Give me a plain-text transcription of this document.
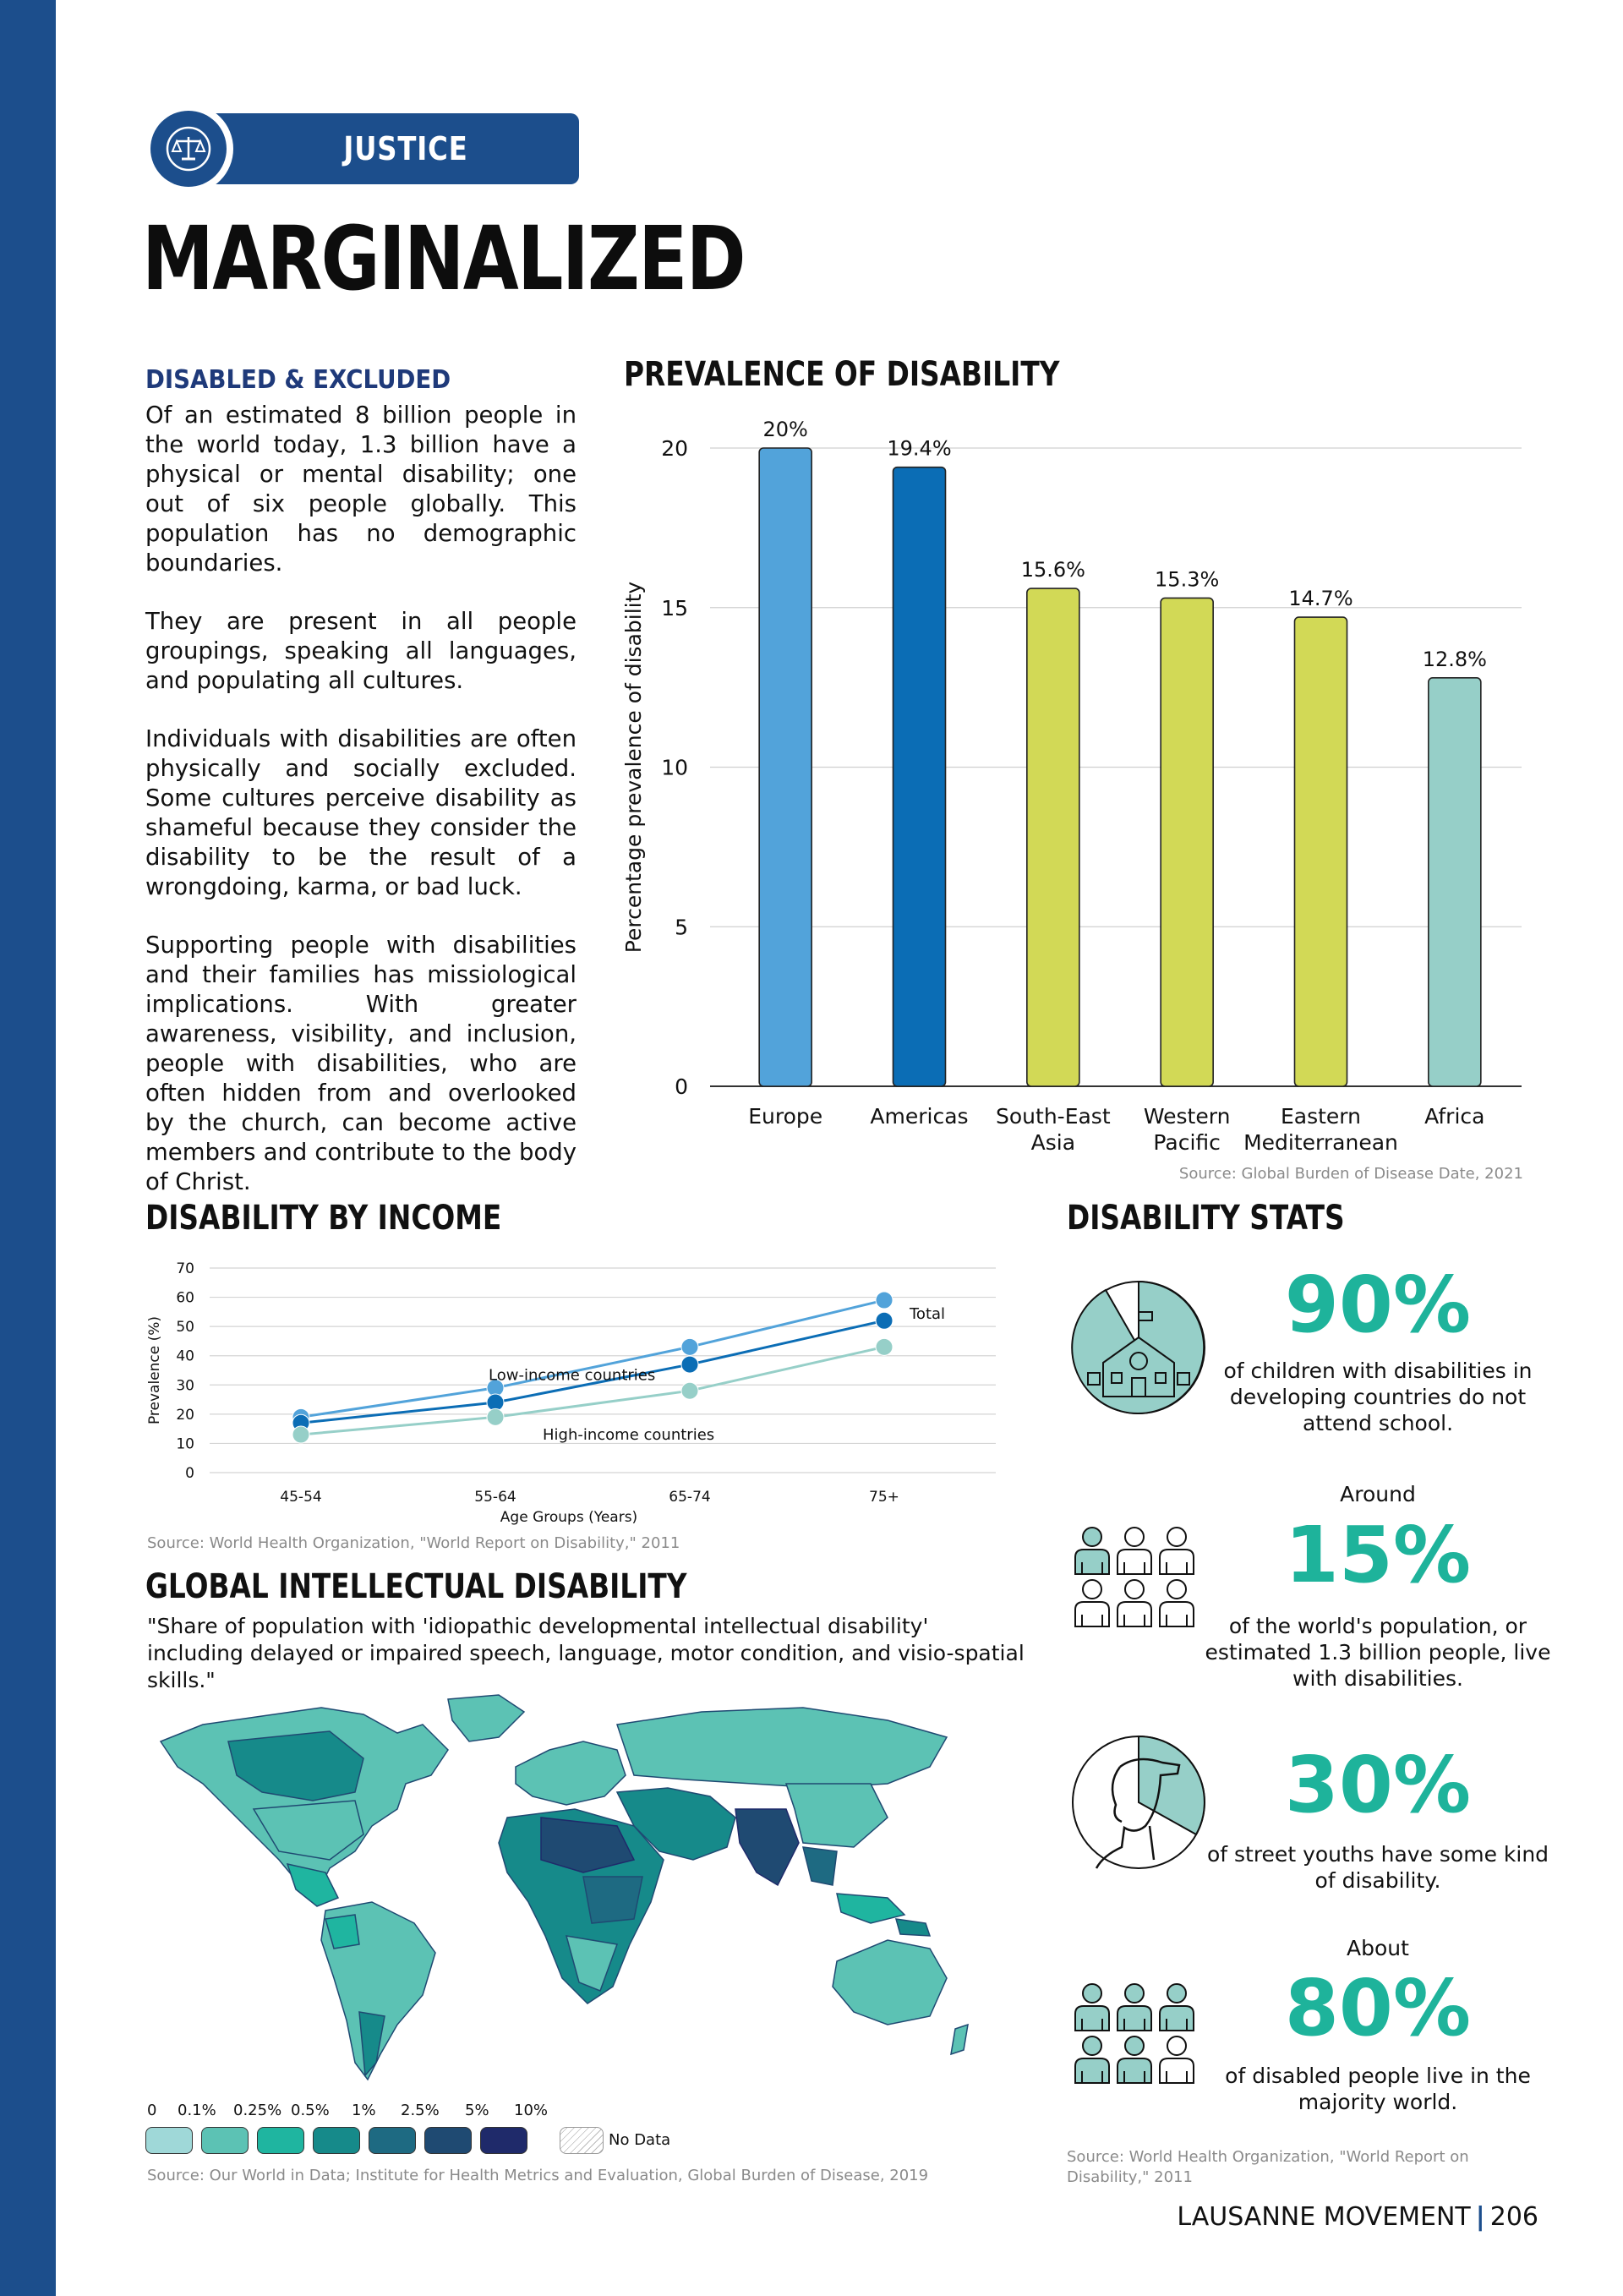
JUSTICE
MARGINALIZED
DISABLED & EXCLUDED

Of an estimated 8 billion people in the world today, 1.3 billion have a physical or mental disability; one out of six people globally. This population has no demographic boundaries.

They are present in all people groupings, speaking all languages, and populating all cultures.

Individuals with disabilities are often physically and socially excluded. Some cultures perceive disability as shameful because they consider the disability to be the result of a wrongdoing, karma, or bad luck.

Supporting people with disabilities and their families has missiological implications. With greater awareness, visibility, and inclusion, people with disabilities, who are often hidden from and overlooked by the church, can become active members and contribute to the body of Christ.

PREVALENCE OF DISABILITY
0
5
10
15
20
Percentage prevalence of disability
20%
Europe
19.4%
Americas
15.6%
South-East Asia
15.3%
Western Pacific
14.7%
Eastern Mediterranean
12.8%
Africa
Source: Global Burden of Disease Date, 2021
DISABILITY BY INCOME
0
10
20
30
40
50
60
70
Prevalence (%)
45-54	55-64	65-74	75+
Age Groups (Years)
Low-income countries
Total
High-income countries
Source: World Health Organization, "World Report on Disability," 2011
GLOBAL INTELLECTUAL DISABILITY
"Share of population with 'idiopathic developmental intellectual disability' including delayed or impaired speech, language, motor condition, and visio-spatial skills."
0 0.1% 0.25% 0.5% 1% 2.5% 5% 10%
No Data
Source: Our World in Data; Institute for Health Metrics and Evaluation, Global Burden of Disease, 2019
DISABILITY STATS
90%
of children with disabilities in developing countries do not attend school.
Around
15%
of the world's population, or estimated 1.3 billion people, live with disabilities.
30%
of street youths have some kind of disability.
About
80%
of disabled people live in the majority world.
Source: World Health Organization, "World Report on Disability," 2011
LAUSANNE MOVEMENT | 206
